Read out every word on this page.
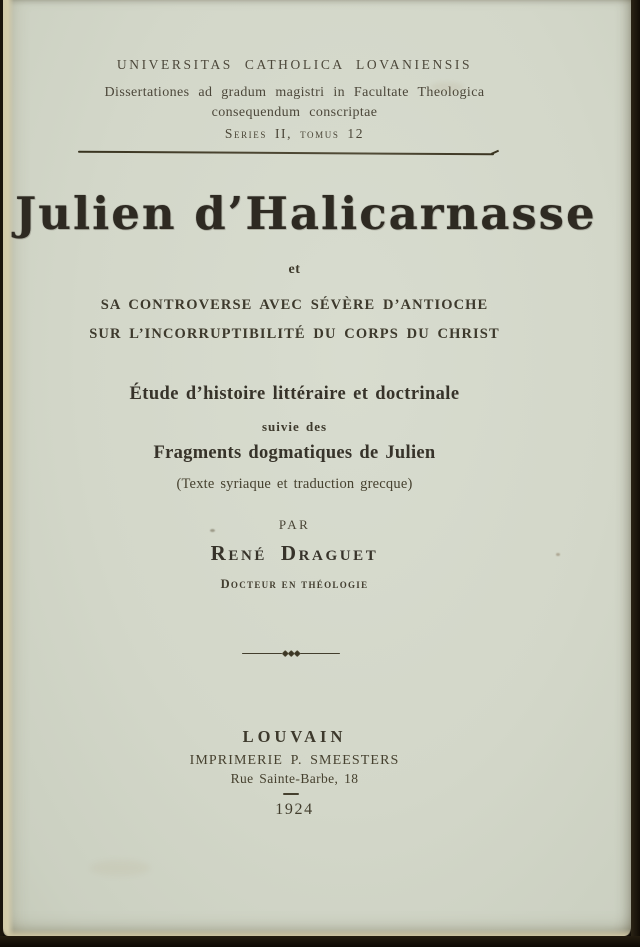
UNIVERSITAS CATHOLICA LOVANIENSIS
Dissertationes ad gradum magistri in Facultate Theologica
consequendum conscriptae
Series II, tomus 12
Julien d’Halicarnasse
et
SA CONTROVERSE AVEC SÉVÈRE D’ANTIOCHE
SUR L’INCORRUPTIBILITÉ DU CORPS DU CHRIST
Étude d’histoire littéraire et doctrinale
suivie des
Fragments dogmatiques de Julien
(Texte syriaque et traduction grecque)
PAR
René Draguet
Docteur en théologie
LOUVAIN
IMPRIMERIE P. SMEESTERS
Rue Sainte-Barbe, 18
1924
